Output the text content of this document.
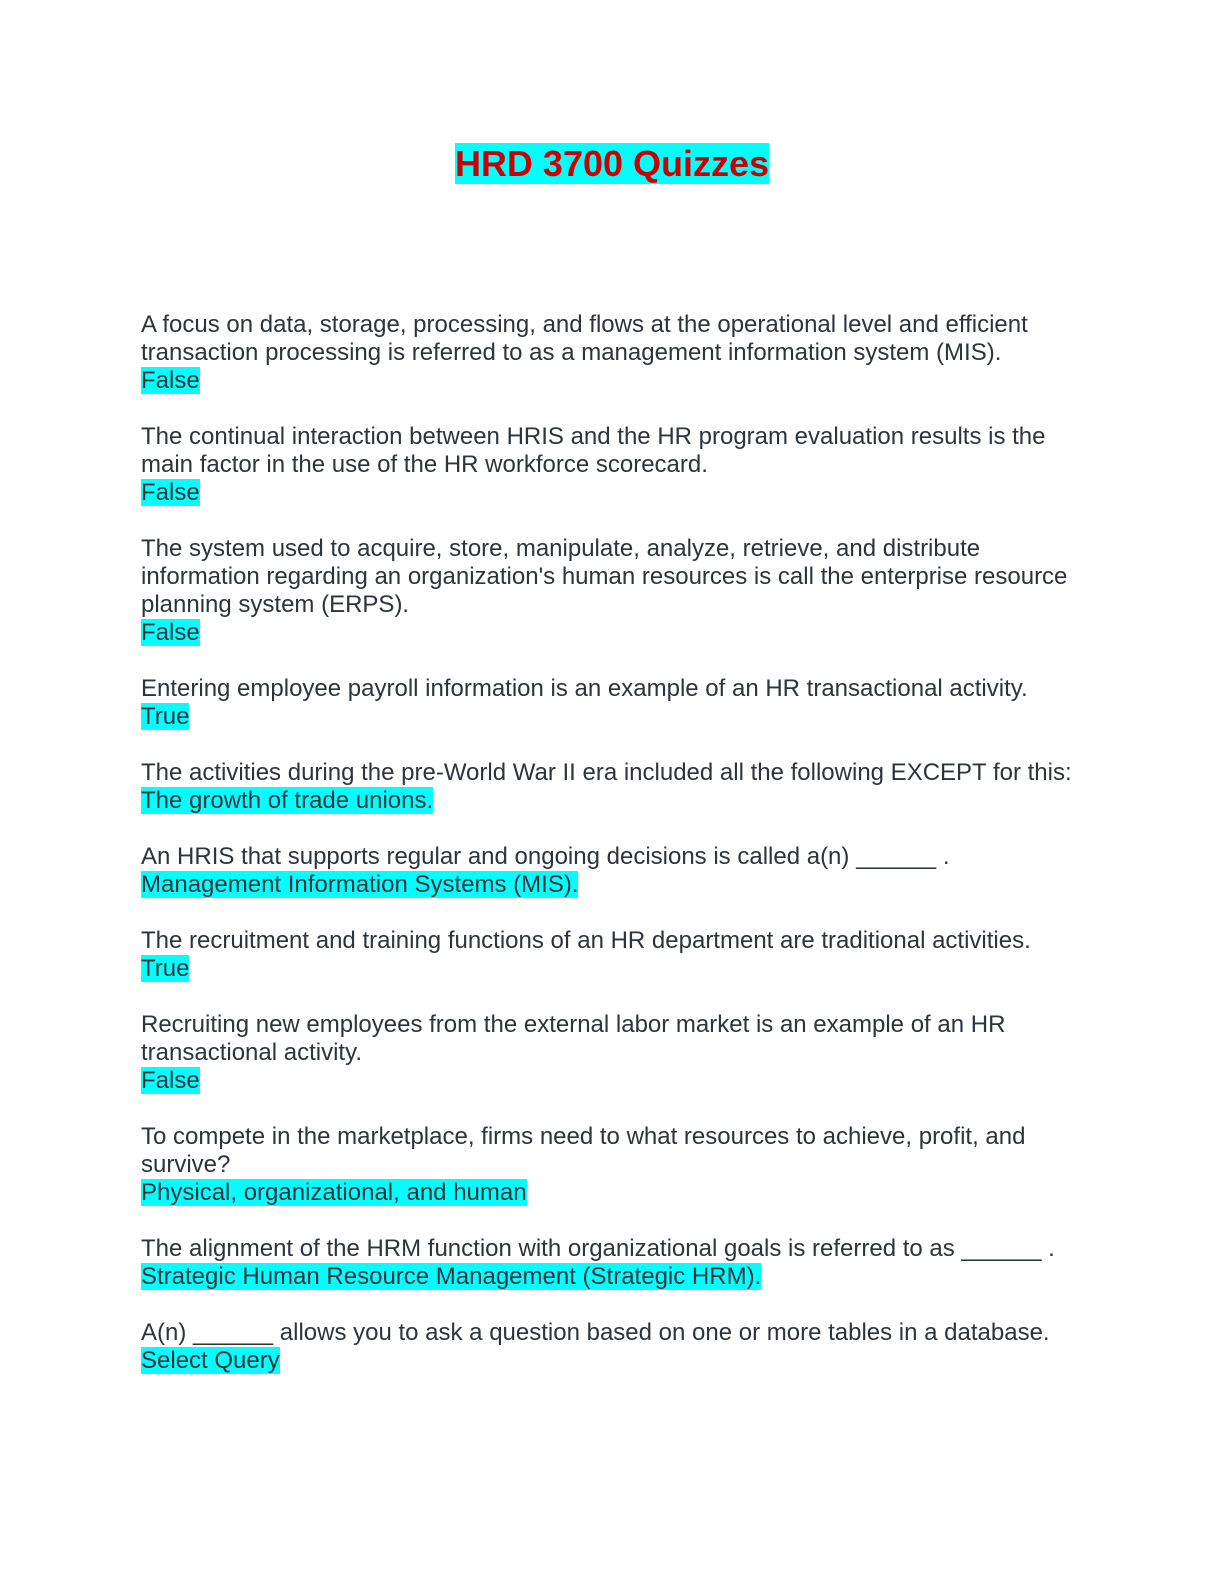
HRD 3700 Quizzes

A focus on data, storage, processing, and flows at the operational level and efficient transaction processing is referred to as a management information system (MIS).
False

The continual interaction between HRIS and the HR program evaluation results is the main factor in the use of the HR workforce scorecard.
False

The system used to acquire, store, manipulate, analyze, retrieve, and distribute information regarding an organization's human resources is call the enterprise resource planning system (ERPS).
False

Entering employee payroll information is an example of an HR transactional activity.
True

The activities during the pre-World War II era included all the following EXCEPT for this:
The growth of trade unions.

An HRIS that supports regular and ongoing decisions is called a(n) ______ .
Management Information Systems (MIS).

The recruitment and training functions of an HR department are traditional activities.
True

Recruiting new employees from the external labor market is an example of an HR transactional activity.
False

To compete in the marketplace, firms need to what resources to achieve, profit, and survive?
Physical, organizational, and human

The alignment of the HRM function with organizational goals is referred to as ______ .
Strategic Human Resource Management (Strategic HRM).

A(n) ______ allows you to ask a question based on one or more tables in a database.
Select Query
